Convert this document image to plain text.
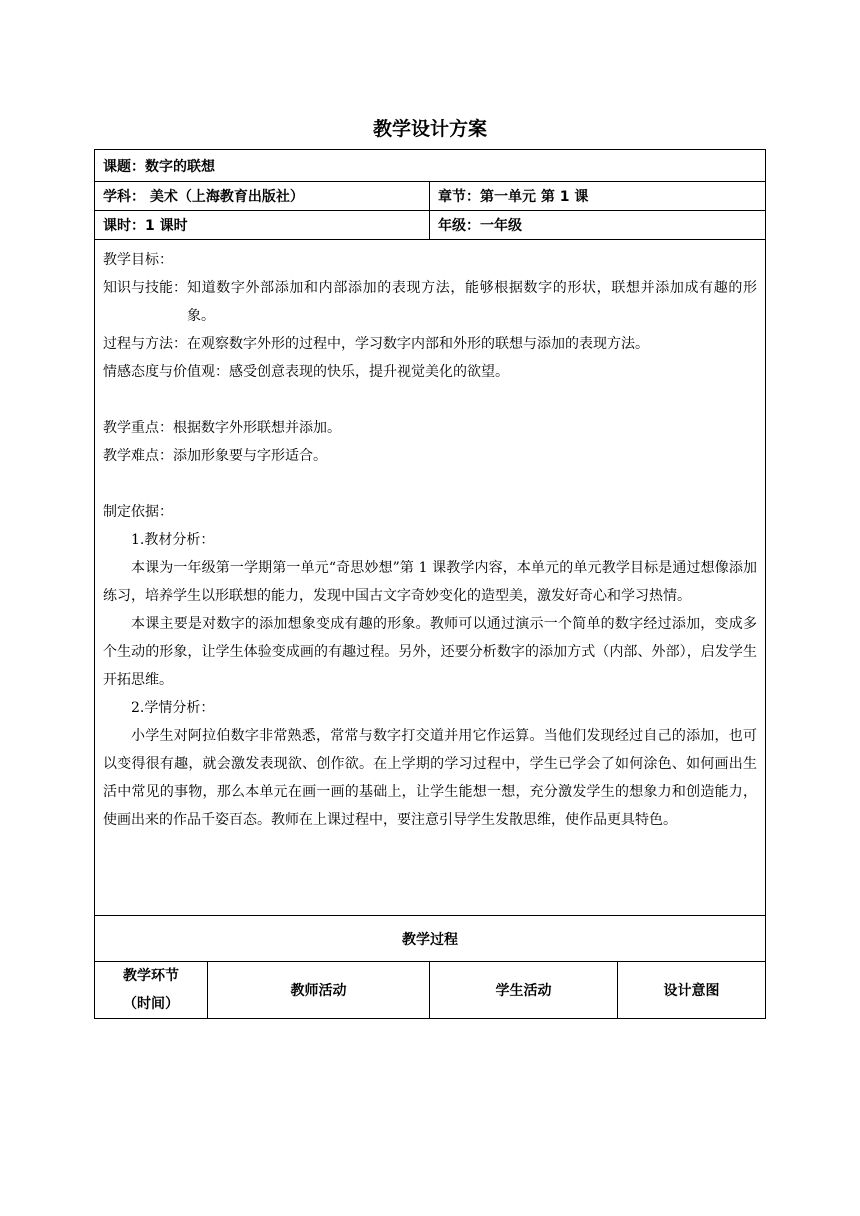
教学设计方案
课题：数字的联想
学科： 美术（上海教育出版社）	章节：第一单元 第 1 课
课时：1 课时	年级：一年级

教学目标：

知识与技能： 知道数字外部添加和内部添加的表现方法，能够根据数字的形状，联想并添加成有趣的形象。
过程与方法： 在观察数字外形的过程中，学习数字内部和外形的联想与添加的表现方法。
情感态度与价值观： 感受创意表现的快乐，提升视觉美化的欲望。

教学重点：根据数字外形联想并添加。

教学难点：添加形象要与字形适合。

制定依据：

1.教材分析：

本课为一年级第一学期第一单元“奇思妙想”第 1 课教学内容，本单元的单元教学目标是通过想像添加练习，培养学生以形联想的能力，发现中国古文字奇妙变化的造型美，激发好奇心和学习热情。

本课主要是对数字的添加想象变成有趣的形象。教师可以通过演示一个简单的数字经过添加，变成多个生动的形象，让学生体验变成画的有趣过程。另外，还要分析数字的添加方式（内部、外部），启发学生开拓思维。

2.学情分析：

小学生对阿拉伯数字非常熟悉，常常与数字打交道并用它作运算。当他们发现经过自己的添加，也可以变得很有趣，就会激发表现欲、创作欲。在上学期的学习过程中，学生已学会了如何涂色、如何画出生活中常见的事物，那么本单元在画一画的基础上，让学生能想一想，充分激发学生的想象力和创造能力，使画出来的作品千姿百态。教师在上课过程中，要注意引导学生发散思维，使作品更具特色。

教学过程
教学环节
（时间）
教师活动	学生活动	设计意图
